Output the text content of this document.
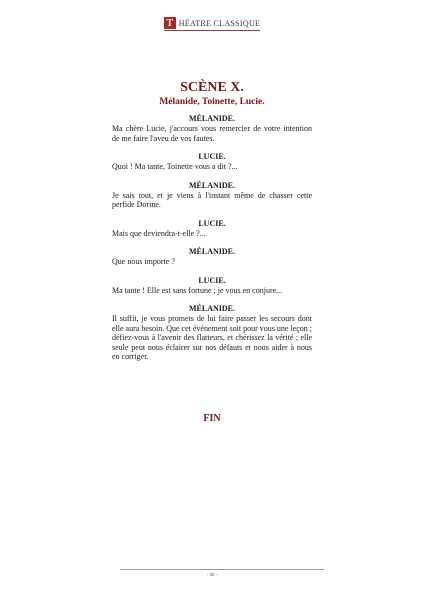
T HÉATRE CLASSIQUE

SCÈNE X.

Mélanide, Toinette, Lucie.

MÉLANIDE.

Ma chère Lucie, j'accours vous remercier de votre intention de me faire l'aveu de vos fautes.

LUCIE.

Quoi ! Ma tante, Toinette vous a dit ?...

MÉLANIDE.

Je sais tout, et je viens à l'instant même de chasser cette perfide Dorine.

LUCIE.

Mais que deviendra-t-elle ?...

MÉLANIDE.

Que nous importe ?

LUCIE.

Ma tante ! Elle est sans fortune ; je vous en conjure...

MÉLANIDE.

Il suffit, je vous promets de lui faire passer les secours dont elle aura besoin. Que cet événement soit pour vous une leçon ; défiez-vous à l'avenir des flatteurs, et chérissez la vérité ; elle seule peut nous éclairer sur nos défauts et nous aider à nous en corriger.

FIN
- 46 -
